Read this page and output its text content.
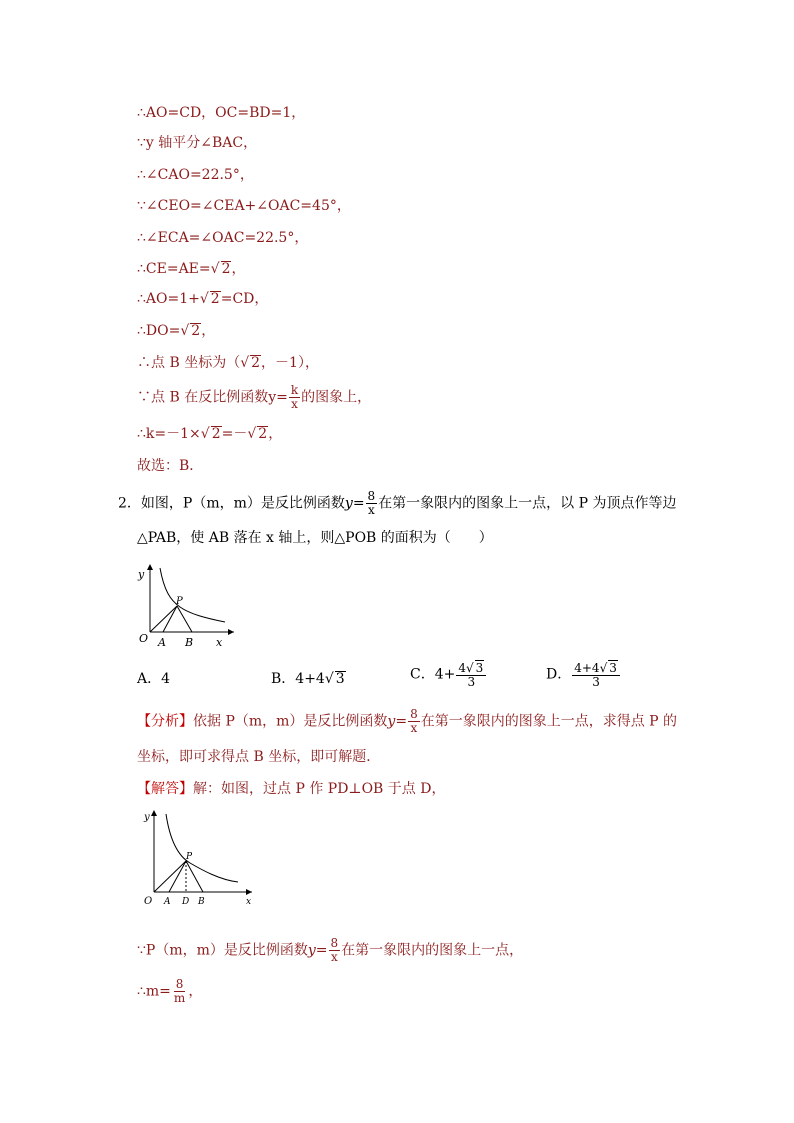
∴AO=CD，OC=BD=1，
∵y 轴平分∠BAC，
∴∠CAO=22.5°，
∵∠CEO=∠CEA+∠OAC=45°，
∴∠ECA=∠OAC=22.5°，
∴CE=AE=√ 2，
∴AO=1+√ 2=CD，
∴DO=√ 2，
∴点 B 坐标为（√ 2，－1），
∵点 B 在反比例函数$y= \frac{k}{x}$ 的图象上，
∴k=－1×√ 2=－√ 2，
故选：B．
2．如图，P（m，m）是反比例函数$y= \frac{8}{x}$ 在第一象限内的图象上一点，以 P 为顶点作等边
△PAB，使 AB 落在 x 轴上，则△POB 的面积为（　　）
y
P
O A B x
A．4	B．4+4√ 3	C．$4+ \frac{4√ 3}{3}$	D． $\frac{4+4√ 3}{3}$
【分析】依据 P（m，m）是反比例函数$y= \frac{8}{x}$ 在第一象限内的图象上一点，求得点 P 的
坐标，即可求得点 B 坐标，即可解题．
【解答】解：如图，过点 P 作 PD⊥OB 于点 D，
y
P
O A D B	x
∵P（m，m）是反比例函数$y= \frac{8}{x}$ 在第一象限内的图象上一点，
∴m= $\frac{8}{m}$ ，
